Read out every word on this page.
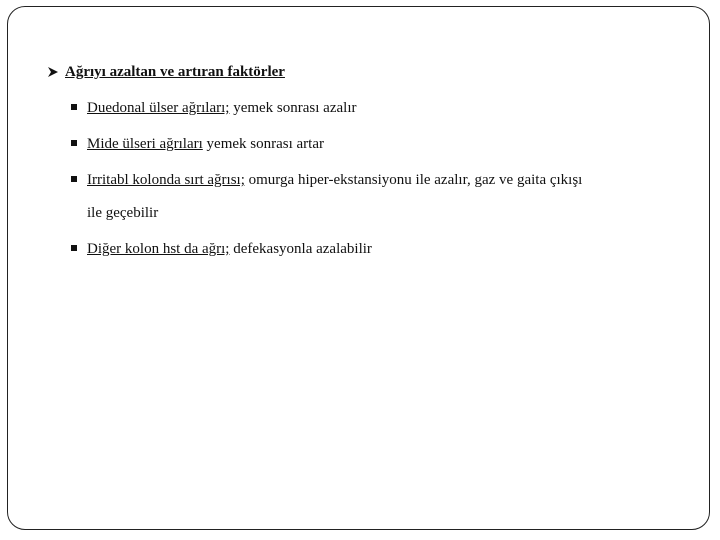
Ağrıyı azaltan ve artıran faktörler
Duedonal ülser ağrıları; yemek sonrası azalır
Mide ülseri ağrıları yemek sonrası artar
Irritabl kolonda sırt ağrısı; omurga hiper-ekstansiyonu ile azalır, gaz ve gaita çıkışı
ile geçebilir
Diğer kolon hst da ağrı; defekasyonla azalabilir
